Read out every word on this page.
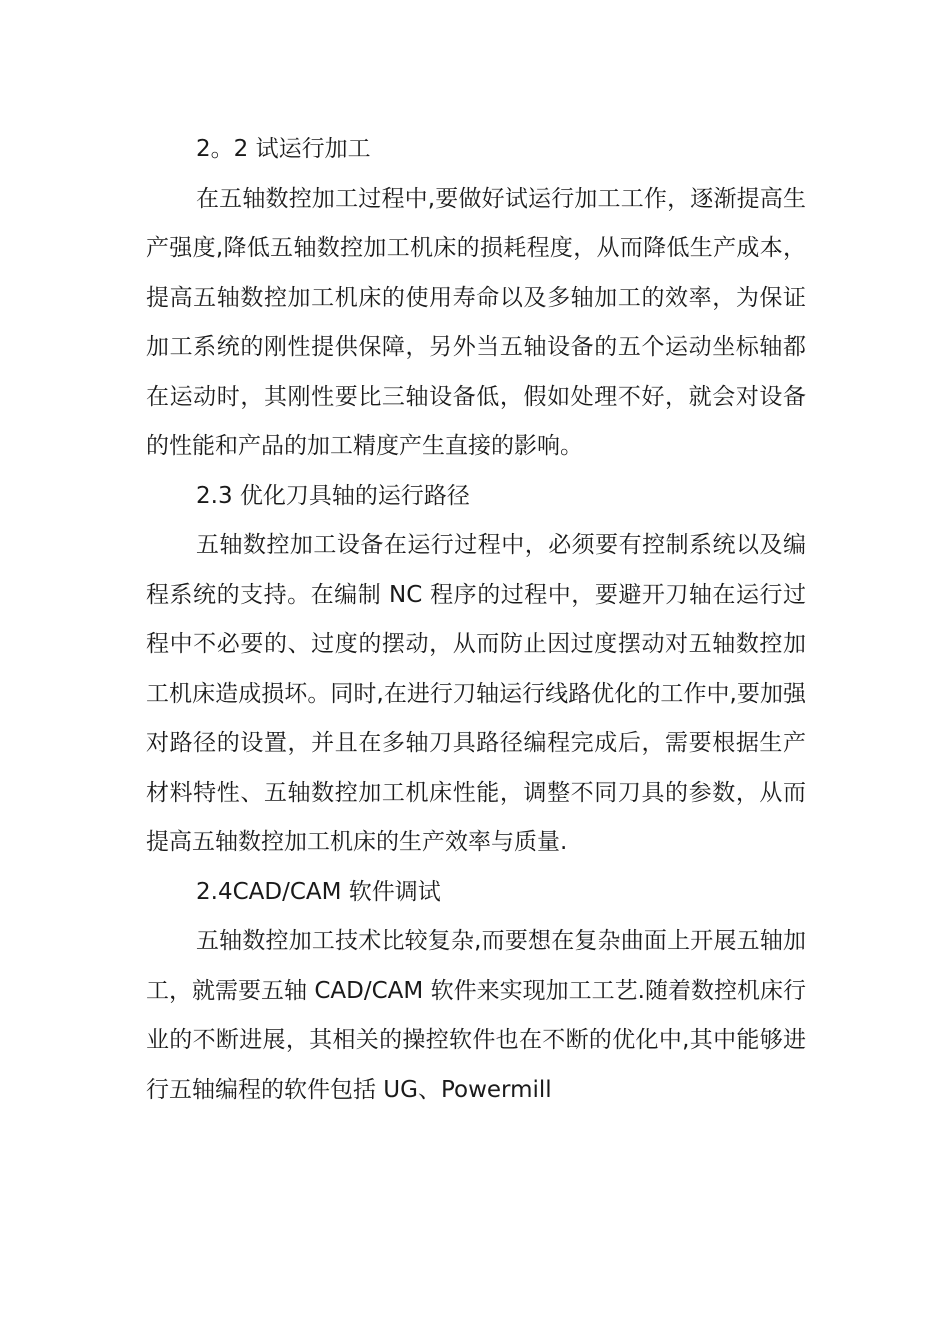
2。2 试运行加工

在五轴数控加工过程中,要做好试运行加工工作，逐渐提高生产强度,降低五轴数控加工机床的损耗程度，从而降低生产成本，提高五轴数控加工机床的使用寿命以及多轴加工的效率，为保证加工系统的刚性提供保障，另外当五轴设备的五个运动坐标轴都在运动时，其刚性要比三轴设备低，假如处理不好，就会对设备的性能和产品的加工精度产生直接的影响。

2.3 优化刀具轴的运行路径

五轴数控加工设备在运行过程中，必须要有控制系统以及编程系统的支持。在编制 NC 程序的过程中，要避开刀轴在运行过程中不必要的、过度的摆动，从而防止因过度摆动对五轴数控加工机床造成损坏。同时,在进行刀轴运行线路优化的工作中,要加强对路径的设置，并且在多轴刀具路径编程完成后，需要根据生产材料特性、五轴数控加工机床性能，调整不同刀具的参数，从而提高五轴数控加工机床的生产效率与质量.

2.4CAD/CAM 软件调试

五轴数控加工技术比较复杂,而要想在复杂曲面上开展五轴加工，就需要五轴 CAD/CAM 软件来实现加工工艺.随着数控机床行业的不断进展，其相关的操控软件也在不断的优化中,其中能够进行五轴编程的软件包括 UG、Powermill
